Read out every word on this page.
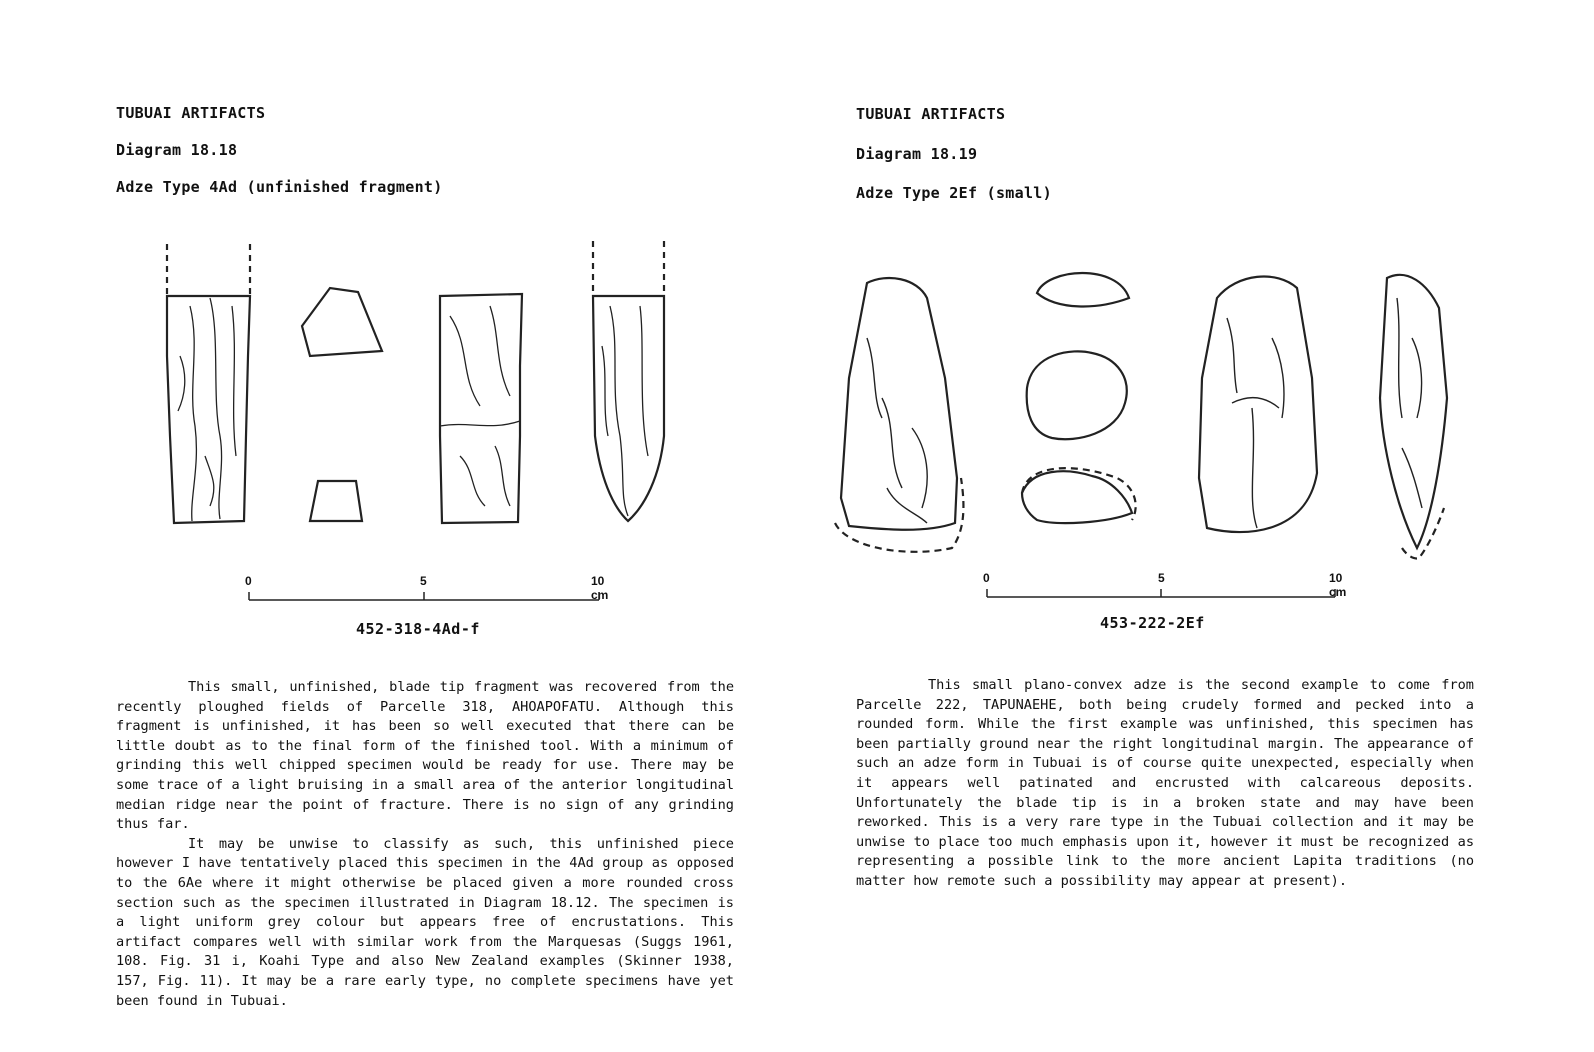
TUBUAI ARTIFACTS
Diagram 18.18
Adze Type 4Ad (unfinished fragment)
0	5	10 cm
452-318-4Ad-f

This small, unfinished, blade tip fragment was recovered from the recently ploughed fields of Parcelle 318, AHOAPOFATU. Although this fragment is unfinished, it has been so well executed that there can be little doubt as to the final form of the finished tool. With a minimum of grinding this well chipped specimen would be ready for use. There may be some trace of a light bruising in a small area of the anterior longitudinal median ridge near the point of fracture. There is no sign of any grinding thus far.

It may be unwise to classify as such, this unfinished piece however I have tentatively placed this specimen in the 4Ad group as opposed to the 6Ae where it might otherwise be placed given a more rounded cross section such as the specimen illustrated in Diagram 18.12. The specimen is a light uniform grey colour but appears free of encrustations. This artifact compares well with similar work from the Marquesas (Suggs 1961, 108. Fig. 31 i, Koahi Type and also New Zealand examples (Skinner 1938, 157, Fig. 11). It may be a rare early type, no complete specimens have yet been found in Tubuai.

TUBUAI ARTIFACTS
Diagram 18.19
Adze Type 2Ef (small)
0	5	10 cm
453-222-2Ef

This small plano-convex adze is the second example to come from Parcelle 222, TAPUNAEHE, both being crudely formed and pecked into a rounded form. While the first example was unfinished, this specimen has been partially ground near the right longitudinal margin. The appearance of such an adze form in Tubuai is of course quite unexpected, especially when it appears well patinated and encrusted with calcareous deposits. Unfortunately the blade tip is in a broken state and may have been reworked. This is a very rare type in the Tubuai collection and it may be unwise to place too much emphasis upon it, however it must be recognized as representing a possible link to the more ancient Lapita traditions (no matter how remote such a possibility may appear at present).
